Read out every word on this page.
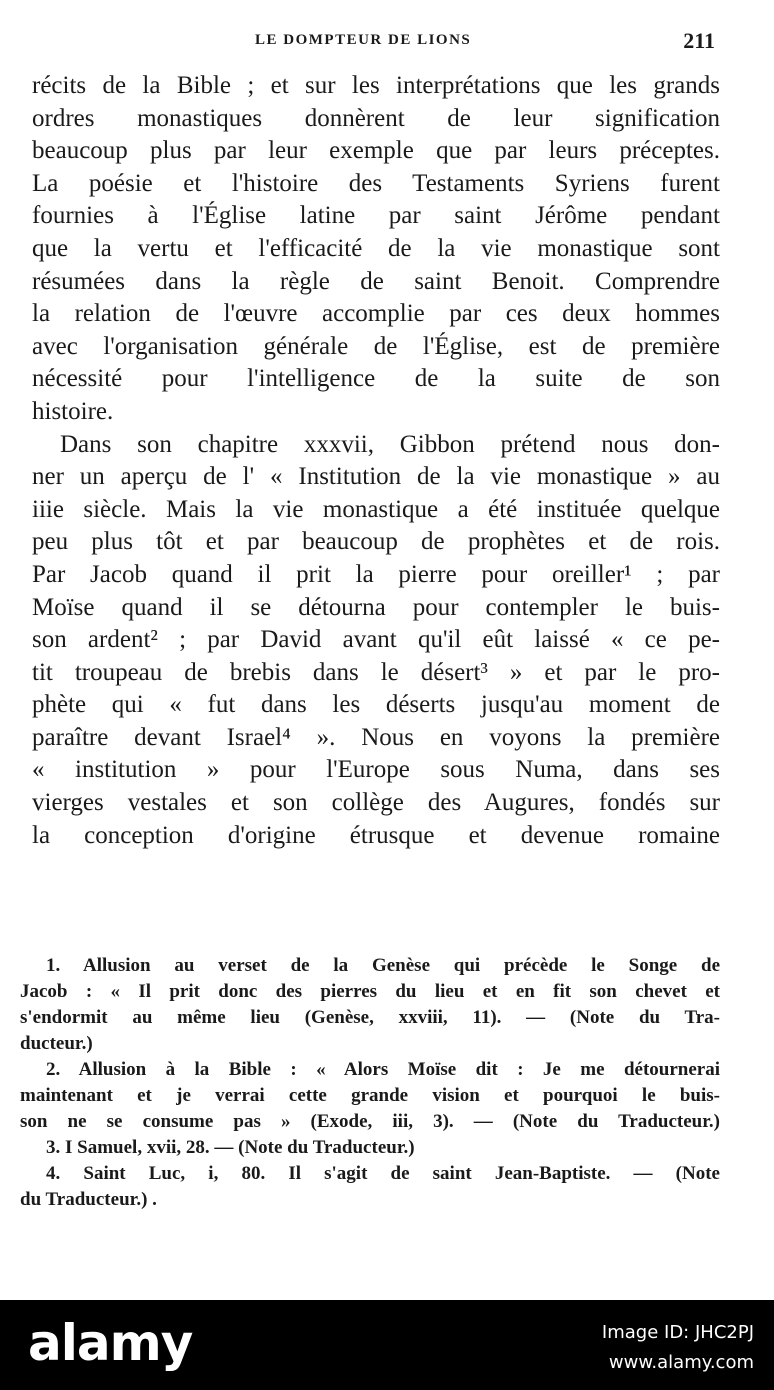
LE DOMPTEUR DE LIONS	211
récits de la Bible ; et sur les interprétations que les grands
ordres monastiques donnèrent de leur signification
beaucoup plus par leur exemple que par leurs préceptes.
La poésie et l'histoire des Testaments Syriens furent
fournies à l'Église latine par saint Jérôme pendant
que la vertu et l'efficacité de la vie monastique sont
résumées dans la règle de saint Benoit. Comprendre
la relation de l'œuvre accomplie par ces deux hommes
avec l'organisation générale de l'Église, est de première
nécessité pour l'intelligence de la suite de son
histoire.
Dans son chapitre xxxvii, Gibbon prétend nous don-
ner un aperçu de l' « Institution de la vie monastique » au
iiie siècle. Mais la vie monastique a été instituée quelque
peu plus tôt et par beaucoup de prophètes et de rois.
Par Jacob quand il prit la pierre pour oreiller¹ ; par
Moïse quand il se détourna pour contempler le buis-
son ardent² ; par David avant qu'il eût laissé « ce pe-
tit troupeau de brebis dans le désert³ » et par le pro-
phète qui « fut dans les déserts jusqu'au moment de
paraître devant Israel⁴ ». Nous en voyons la première
« institution » pour l'Europe sous Numa, dans ses
vierges vestales et son collège des Augures, fondés sur
la conception d'origine étrusque et devenue romaine
1. Allusion au verset de la Genèse qui précède le Songe de
Jacob : « Il prit donc des pierres du lieu et en fit son chevet et
s'endormit au même lieu (Genèse, xxviii, 11). — (Note du Tra-
ducteur.)
2. Allusion à la Bible : « Alors Moïse dit : Je me détournerai
maintenant et je verrai cette grande vision et pourquoi le buis-
son ne se consume pas » (Exode, iii, 3). — (Note du Traducteur.)
3. I Samuel, xvii, 28. — (Note du Traducteur.)
4. Saint Luc, i, 80. Il s'agit de saint Jean-Baptiste. — (Note
du Traducteur.) .
alamy	Image ID: JHC2PJ
www.alamy.com
